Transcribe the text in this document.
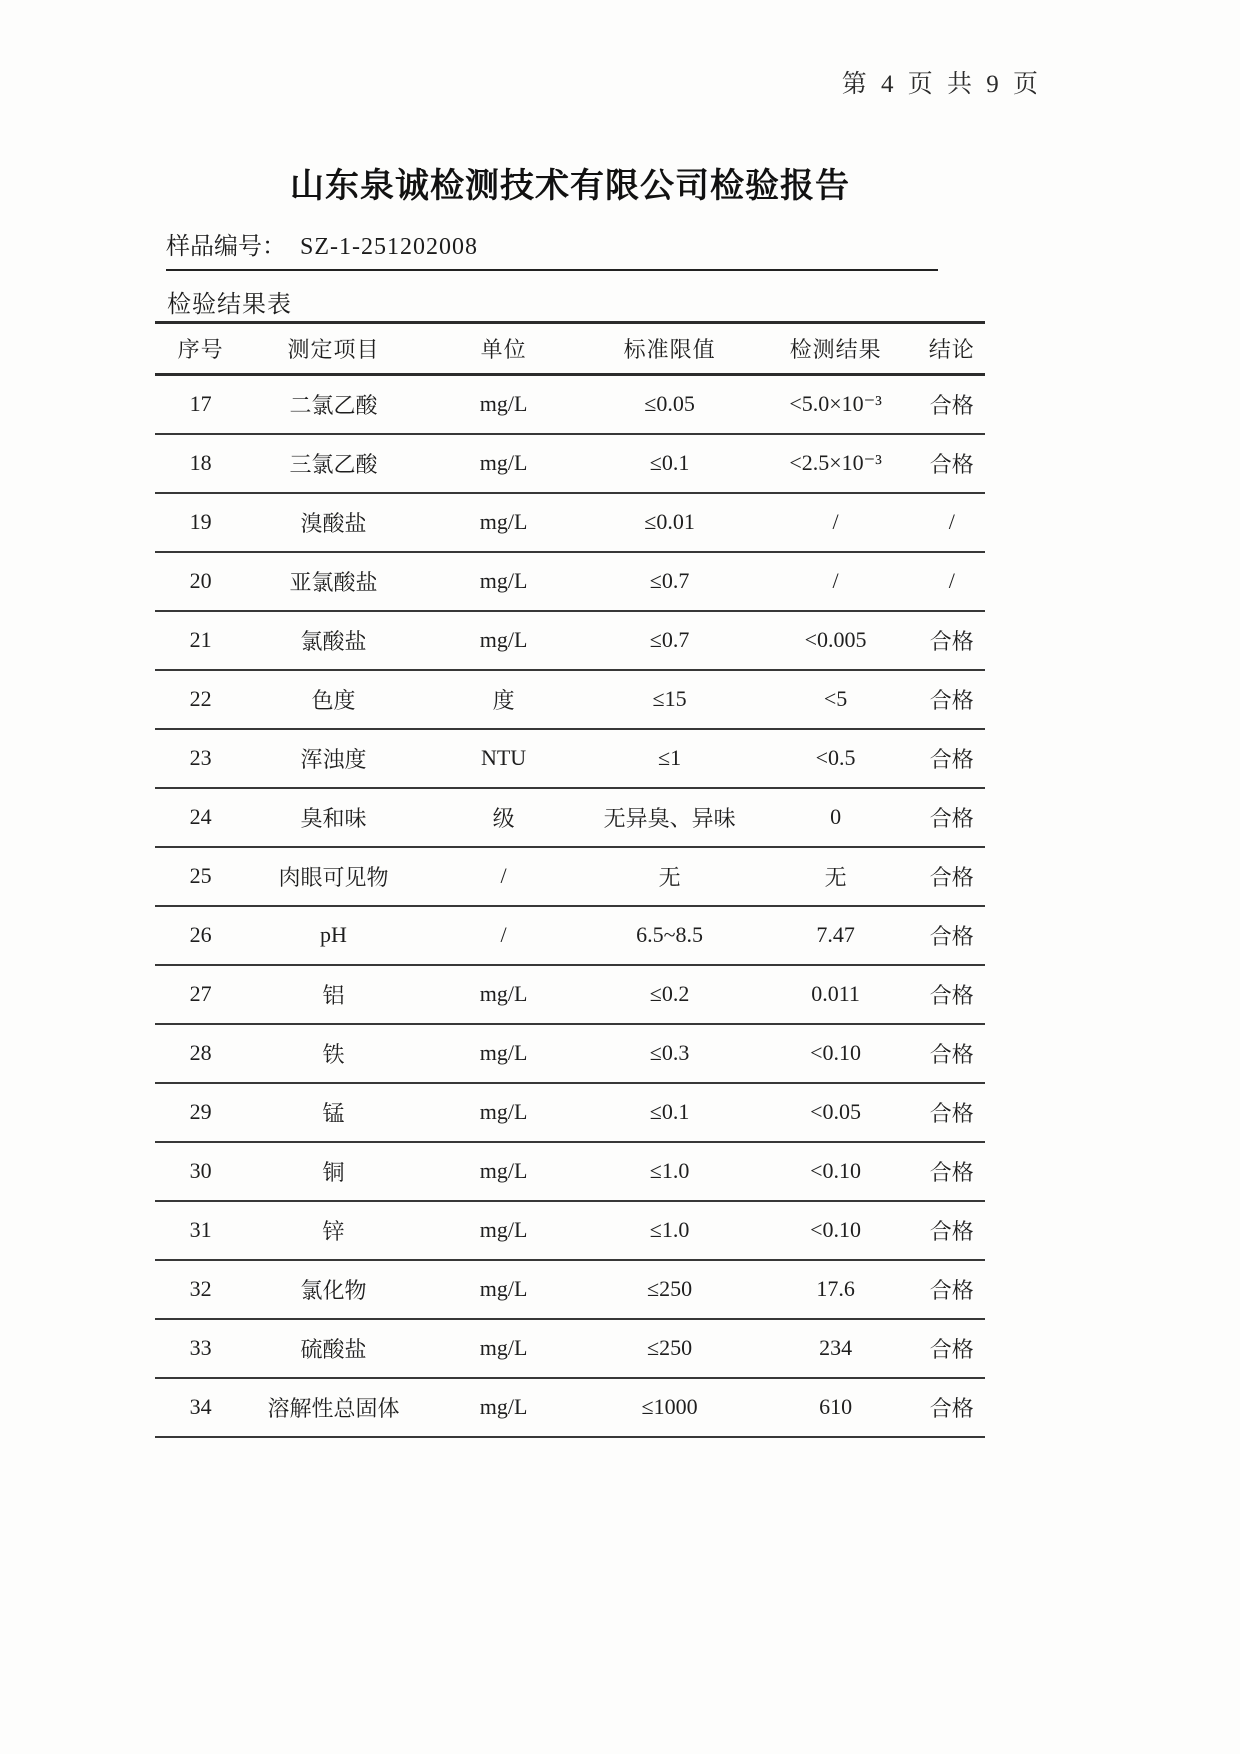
第 4 页 共 9 页
山东泉诚检测技术有限公司检验报告
样品编号： SZ-1-251202008
检验结果表
序号	测定项目	单位	标准限值	检测结果	结论
17	二氯乙酸	mg/L	≤0.05	<5.0×10⁻³	合格
18	三氯乙酸	mg/L	≤0.1	<2.5×10⁻³	合格
19	溴酸盐	mg/L	≤0.01	/	/
20	亚氯酸盐	mg/L	≤0.7	/	/
21	氯酸盐	mg/L	≤0.7	<0.005	合格
22	色度	度	≤15	<5	合格
23	浑浊度	NTU	≤1	<0.5	合格
24	臭和味	级	无异臭、异味	0	合格
25	肉眼可见物	/	无	无	合格
26	pH	/	6.5~8.5	7.47	合格
27	铝	mg/L	≤0.2	0.011	合格
28	铁	mg/L	≤0.3	<0.10	合格
29	锰	mg/L	≤0.1	<0.05	合格
30	铜	mg/L	≤1.0	<0.10	合格
31	锌	mg/L	≤1.0	<0.10	合格
32	氯化物	mg/L	≤250	17.6	合格
33	硫酸盐	mg/L	≤250	234	合格
34	溶解性总固体	mg/L	≤1000	610	合格
